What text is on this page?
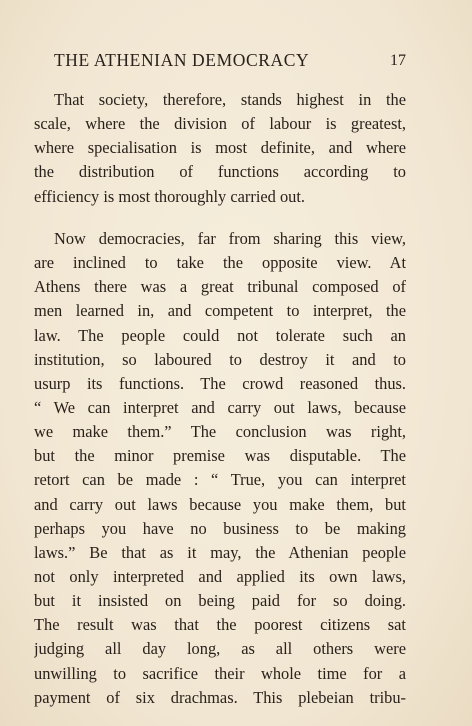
THE ATHENIAN DEMOCRACY	17
That society, therefore, stands highest in the
scale, where the division of labour is greatest,
where specialisation is most definite, and where
the distribution of functions according to
efficiency is most thoroughly carried out.
Now democracies, far from sharing this view,
are inclined to take the opposite view. At
Athens there was a great tribunal composed of
men learned in, and competent to interpret, the
law. The people could not tolerate such an
institution, so laboured to destroy it and to
usurp its functions. The crowd reasoned thus.
“ We can interpret and carry out laws, because
we make them.” The conclusion was right,
but the minor premise was disputable. The
retort can be made : “ True, you can interpret
and carry out laws because you make them, but
perhaps you have no business to be making
laws.” Be that as it may, the Athenian people
not only interpreted and applied its own laws,
but it insisted on being paid for so doing.
The result was that the poorest citizens sat
judging all day long, as all others were
unwilling to sacrifice their whole time for a
payment of six drachmas. This plebeian tribu-
